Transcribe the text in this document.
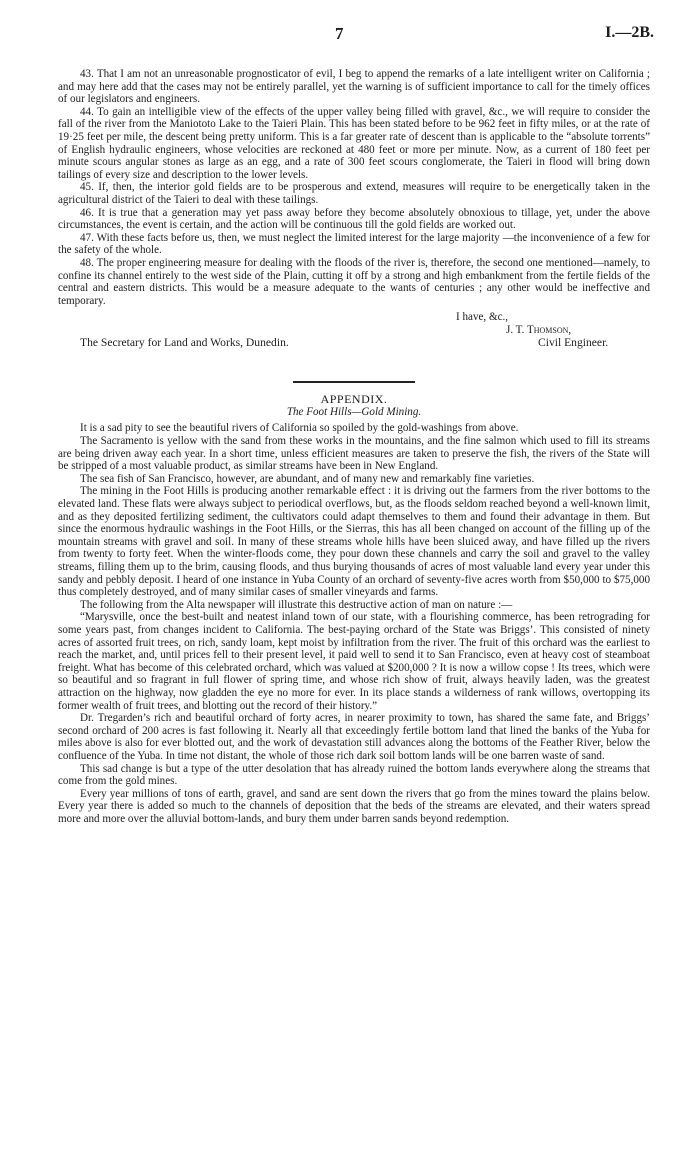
7	I.—2B.

43. That I am not an unreasonable prognosticator of evil, I beg to append the remarks of a late intelligent writer on California ; and may here add that the cases may not be entirely parallel, yet the warning is of sufficient importance to call for the timely offices of our legislators and engineers.

44. To gain an intelligible view of the effects of the upper valley being filled with gravel, &c., we will require to consider the fall of the river from the Maniototo Lake to the Taieri Plain. This has been stated before to be 962 feet in fifty miles, or at the rate of 19·25 feet per mile, the descent being pretty uniform. This is a far greater rate of descent than is applicable to the “absolute torrents” of English hydraulic engineers, whose velocities are reckoned at 480 feet or more per minute. Now, as a current of 180 feet per minute scours angular stones as large as an egg, and a rate of 300 feet scours conglomerate, the Taieri in flood will bring down tailings of every size and description to the lower levels.

45. If, then, the interior gold fields are to be prosperous and extend, measures will require to be energetically taken in the agricultural district of the Taieri to deal with these tailings.

46. It is true that a generation may yet pass away before they become absolutely obnoxious to tillage, yet, under the above circumstances, the event is certain, and the action will be continuous till the gold fields are worked out.

47. With these facts before us, then, we must neglect the limited interest for the large majority —the inconvenience of a few for the safety of the whole.

48. The proper engineering measure for dealing with the floods of the river is, therefore, the second one mentioned—namely, to confine its channel entirely to the west side of the Plain, cutting it off by a strong and high embankment from the fertile fields of the central and eastern districts. This would be a measure adequate to the wants of centuries ; any other would be ineffective and temporary.

I have, &c.,
J. T. Thomson,
The Secretary for Land and Works, Dunedin.	Civil Engineer.
APPENDIX.
The Foot Hills—Gold Mining.

It is a sad pity to see the beautiful rivers of California so spoiled by the gold-washings from above.

The Sacramento is yellow with the sand from these works in the mountains, and the fine salmon which used to fill its streams are being driven away each year. In a short time, unless efficient measures are taken to preserve the fish, the rivers of the State will be stripped of a most valuable product, as similar streams have been in New England.

The sea fish of San Francisco, however, are abundant, and of many new and remarkably fine varieties.

The mining in the Foot Hills is producing another remarkable effect : it is driving out the farmers from the river bottoms to the elevated land. These flats were always subject to periodical overflows, but, as the floods seldom reached beyond a well-known limit, and as they deposited fertilizing sediment, the cultivators could adapt themselves to them and found their advantage in them. But since the enormous hydraulic washings in the Foot Hills, or the Sierras, this has all been changed on account of the filling up of the mountain streams with gravel and soil. In many of these streams whole hills have been sluiced away, and have filled up the rivers from twenty to forty feet. When the winter-floods come, they pour down these channels and carry the soil and gravel to the valley streams, filling them up to the brim, causing floods, and thus burying thousands of acres of most valuable land every year under this sandy and pebbly deposit. I heard of one instance in Yuba County of an orchard of seventy-five acres worth from $50,000 to $75,000 thus completely destroyed, and of many similar cases of smaller vineyards and farms.

The following from the Alta newspaper will illustrate this destructive action of man on nature :—

“Marysville, once the best-built and neatest inland town of our state, with a flourishing commerce, has been retrograding for some years past, from changes incident to California. The best-paying orchard of the State was Briggs’. This consisted of ninety acres of assorted fruit trees, on rich, sandy loam, kept moist by infiltration from the river. The fruit of this orchard was the earliest to reach the market, and, until prices fell to their present level, it paid well to send it to San Francisco, even at heavy cost of steamboat freight. What has become of this celebrated orchard, which was valued at $200,000 ? It is now a willow copse ! Its trees, which were so beautiful and so fragrant in full flower of spring time, and whose rich show of fruit, always heavily laden, was the greatest attraction on the highway, now gladden the eye no more for ever. In its place stands a wilderness of rank willows, overtopping its former wealth of fruit trees, and blotting out the record of their history.”

Dr. Tregarden’s rich and beautiful orchard of forty acres, in nearer proximity to town, has shared the same fate, and Briggs’ second orchard of 200 acres is fast following it. Nearly all that exceedingly fertile bottom land that lined the banks of the Yuba for miles above is also for ever blotted out, and the work of devastation still advances along the bottoms of the Feather River, below the confluence of the Yuba. In time not distant, the whole of those rich dark soil bottom lands will be one barren waste of sand.

This sad change is but a type of the utter desolation that has already ruined the bottom lands everywhere along the streams that come from the gold mines.

Every year millions of tons of earth, gravel, and sand are sent down the rivers that go from the mines toward the plains below. Every year there is added so much to the channels of deposition that the beds of the streams are elevated, and their waters spread more and more over the alluvial bottom-lands, and bury them under barren sands beyond redemption.
